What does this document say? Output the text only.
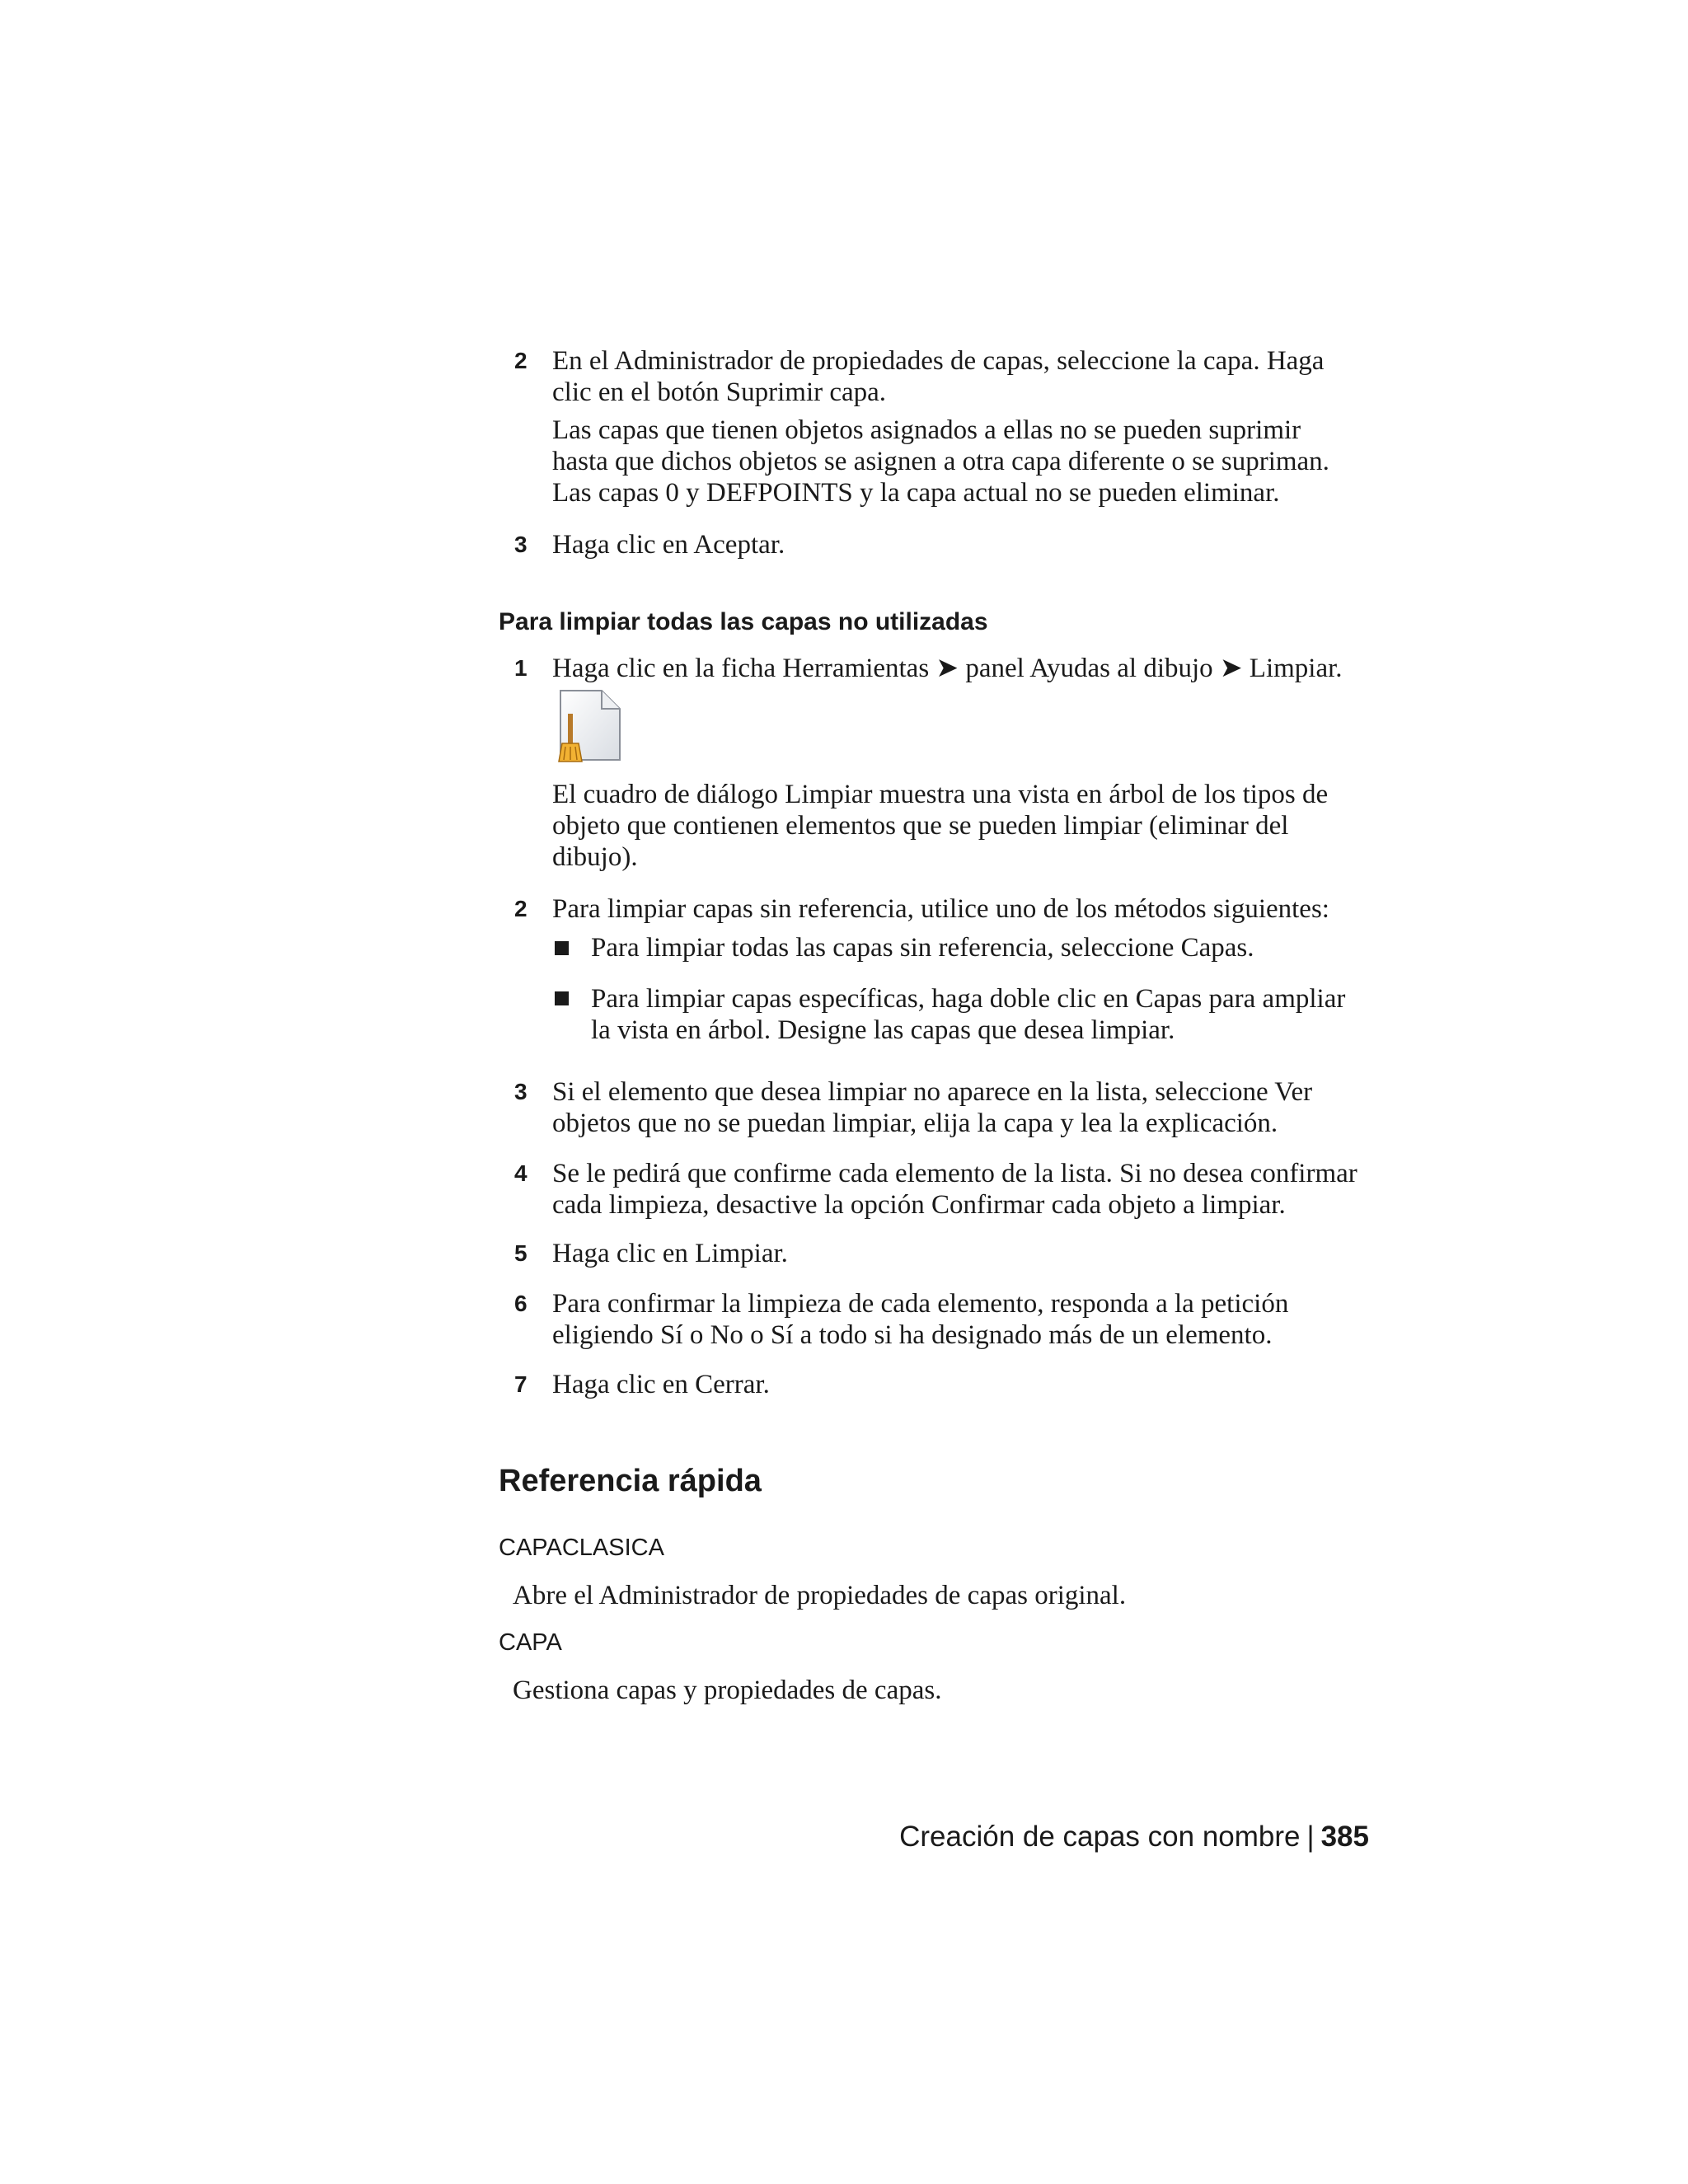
2 En el Administrador de propiedades de capas, seleccione la capa. Haga
clic en el botón Suprimir capa.
Las capas que tienen objetos asignados a ellas no se pueden suprimir
hasta que dichos objetos se asignen a otra capa diferente o se supriman.
Las capas 0 y DEFPOINTS y la capa actual no se pueden eliminar.
3 Haga clic en Aceptar.
Para limpiar todas las capas no utilizadas
1 Haga clic en la ficha Herramientas ➤ panel Ayudas al dibujo ➤ Limpiar.
El cuadro de diálogo Limpiar muestra una vista en árbol de los tipos de
objeto que contienen elementos que se pueden limpiar (eliminar del
dibujo).
2 Para limpiar capas sin referencia, utilice uno de los métodos siguientes:
Para limpiar todas las capas sin referencia, seleccione Capas.
Para limpiar capas específicas, haga doble clic en Capas para ampliar
la vista en árbol. Designe las capas que desea limpiar.
3 Si el elemento que desea limpiar no aparece en la lista, seleccione Ver
objetos que no se puedan limpiar, elija la capa y lea la explicación.
4 Se le pedirá que confirme cada elemento de la lista. Si no desea confirmar
cada limpieza, desactive la opción Confirmar cada objeto a limpiar.
5 Haga clic en Limpiar.
6 Para confirmar la limpieza de cada elemento, responda a la petición
eligiendo Sí o No o Sí a todo si ha designado más de un elemento.
7 Haga clic en Cerrar.
Referencia rápida
CAPACLASICA
Abre el Administrador de propiedades de capas original.
CAPA
Gestiona capas y propiedades de capas.
Creación de capas con nombre | 385
